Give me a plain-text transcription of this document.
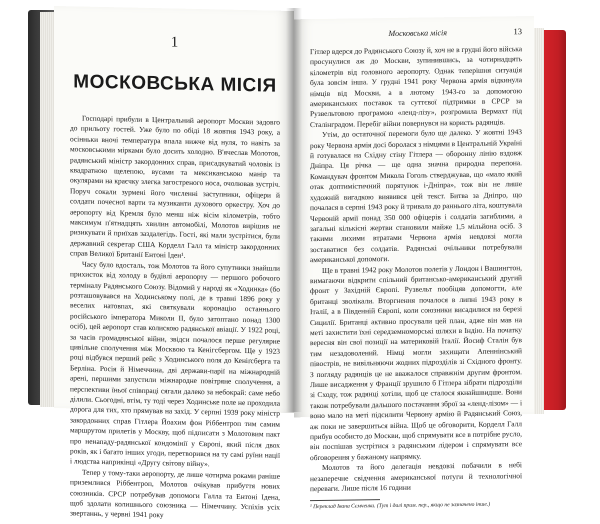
1
МОСКОВСЬКА МІСІЯ

Господарі прибули в Центральний аеропорт Москви задовго до прильоту гостей. Уже було по обіді 18 жовтня 1943 року, а осінньки вночі температура впала нижче від нуля, то навіть за московськими мірками було досить холодно. В'ячеслав Молотов, радянський міністр закордонних справ, присадкуватий чоловік із квадратною щелепою, вусами та мексиканською манір та окулярами на краєчку злегка загостреного носа, очолював зустріч. Поруч сокали зурмені його численні заступники, офіцери й солдати почесної варти та музиканти духового оркестру. Хоч до аеропорту від Кремля було менш ніж вісім кілометрів, тобто максимум п'ятнадцять хвилин автомобілі, Молотов вирішив не ризикувати й приїхав заздалегідь. Гості, які мали зустрітися, були державний секретар США Корделл Галл та міністр закордонних справ Великої Британії Ентоні Іден¹.

Часу було вдосталь, тож Молотов та його супутники знайшли прихисток від холоду в будівлі аеропорту — першого робочого терміналу Радянського Союзу. Відомий у народі як «Ходинка» (бо розташовувався на Ходинському полі, де в травні 1896 року у веселих натовпах, які святкували коронацію останнього російського імператора Миколи ІІ, було затоптано понад 1300 осіб), цей аеропорт став колискою радянської авіації. У 1922 році, за часів громадянської війни, звідси почалося перше регулярне цивільне сполучення між Москвою та Кенігсбергом. Ще у 1923 році відбувся перший рейс з Ходинського поля до Кеніґсберга та Берліна. Росія й Німеччина, дві держави-парії на міжнародній арені, першими запустили міжнародне повітряне сполучення, а перспективи їньої співпраці сягали далеко за небокрай: саме небо ділили. Сьогодні, втім, ту тоді через Ходинське поле не проходила дорога для тих, хто прямував на захід. У серпні 1939 року міністр закордонних справ Гітлера Йоахим фон Ріббентроп тим самим маршрутом прилетів у Москву, щоб підписати з Молотовим пакт про ненападу-радянської кондомінії у Європі, який після двох років, як і багато інших угоди, перетворився на ту самі руїни нації і людства наприкінці «Другу світову війну».

Тепер у тому-таки аеропорту, де лише чотирма роками раніше приземлився Ріббентроп, Молотов очікував прибуття нових союзників. СРСР потребував допомоги Галла та Ентоні Ідена, щоб здолати колишнього союзника — Німеччину. Успіхів усіх звертаннь, у червні 1941 року

Московська місія	13

Гітлер вдерся до Радянського Союзу й, хоч не в грудні його війська просунулися аж до Москви, зупинившись, за чотирнадцять кілометрів від головного аеропорту. Однак теперішня ситуація була зовсім інша. У грудні 1941 року Червона армія відкинула німців від Москви, а в лютому 1943-го за допомогою американських поставок та суттєвої підтримки в СРСР за Рузвельтовою програмою «ленд-лізу», розгромила Вермахт під Сталінградом. Перебіг війни повернувся на користь радянців.

Утім, до остаточної перемоги було ще далеко. У жовтні 1943 року Червона армія досі боролася з німцями в Центральній Україні й готувалася на Східну стіну Гітлера — оборонну лінію вздовж Дніпра. Ця річка — ще одна значна природна перепона. Командувач фронтом Микола Гоголь стверджував, що «мало який отак доптимістичний порятунок і-Дніпра», тож він не лише художній вигадкою виявився цей текст. Битва за Дніпро, що почалася в серпні 1943 року й тривала до раннього літа, коштувала Червоній армії понад 350 000 офіцерів і солдатів загиблими, а загальні кількісні жертви становили майже 1,5 мільйона осіб. З такими лихими втратами Червона армія невдовзі могла зоставатися без солдатів. Радянські очільники потребували американської допомоги.

Ще в травні 1942 року Молотов полетів у Лондон і Вашингтон, вимагаючи відкрити спільний британсько-американський другий фронт у Західній Європі. Рузвельт пообіцяв допомогти, але британці зволікали. Вторгнення почалося в липні 1943 року в Італії, а в Південній Європі, коли союзники висадилися на березі Сицилії. Британці активно просували цей план, адже він мав на меті захистити їхні середземноморські шляхи в Індію. На початку вересня він свої позиції на материковій Італії. Йосиф Сталін був тим незадоволений. Німці могли захищати Апеннінський півострів, не вивільняючи жодних підрозділів зі Східного фронту. З погляду радянців це не вважалося справжнім другим фронтом. Лише висадження у Франції зрушило б Гітлера зібрати підрозділи зі Сходу, тож радянці хотіли, щоб це сталося якнайшвидше. Вони також потребували дальшого постачання зброї за «ленд-лізом» — і воно мало на меті підсилити Червону армію й Радянський Союз, аж поки не завершиться війна. Щоб це обговорити, Корделл Галл прибув особисто до Москви, щоб спрямувати все в потрібне русло, він поспішав зустрітися з радянським лідером і спрямувати все обговорення у бажаному напрямку.

Молотов та його делегація невдовзі побачили в небі незаперечне свідчення американської потуги й технологічної переваги. Лише після 16 години

¹ Переклад Івана Сємченка. (Тут і далі прим. пер., якщо не зазначено інше.)
